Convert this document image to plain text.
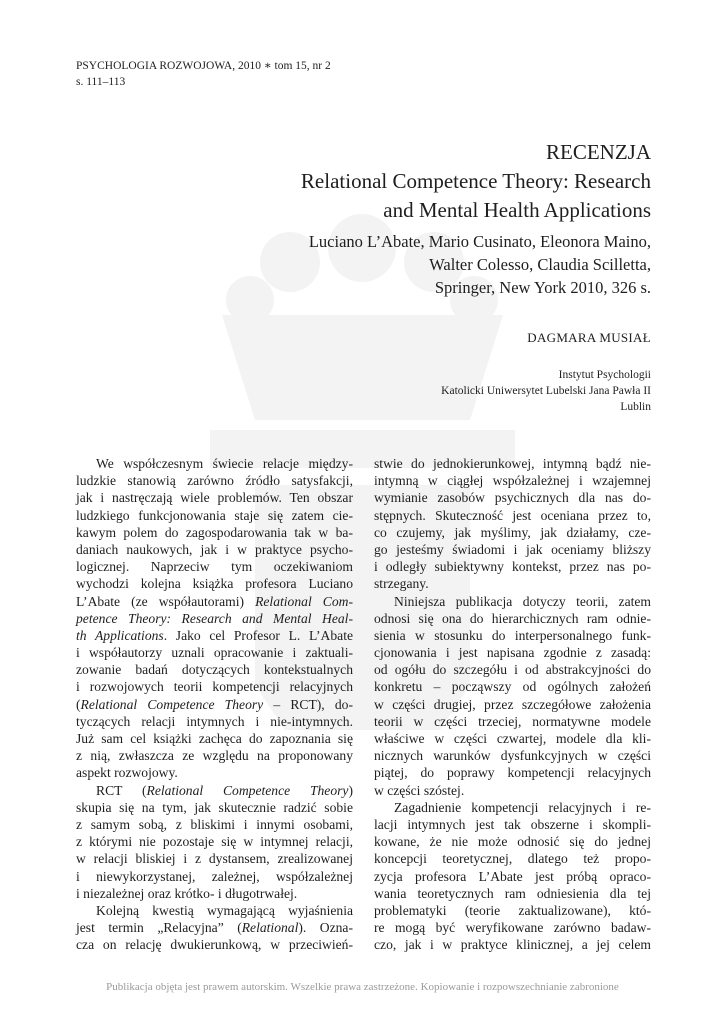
PSYCHOLOGIA ROZWOJOWA, 2010 ∗ tom 15, nr 2
s. 111–113
RECENZJA
Relational Competence Theory: Research
and Mental Health Applications
Luciano L’Abate, Mario Cusinato, Eleonora Maino,
Walter Colesso, Claudia Scilletta,
Springer, New York 2010, 326 s.
DAGMARA MUSIAŁ
Instytut Psychologii
Katolicki Uniwersytet Lubelski Jana Pawła II
Lublin
We współczesnym świecie relacje między-
ludzkie stanowią zarówno źródło satysfakcji,
jak i nastręczają wiele problemów. Ten obszar
ludzkiego funkcjonowania staje się zatem cie-
kawym polem do zagospodarowania tak w ba-
daniach naukowych, jak i w praktyce psycho-
logicznej. Naprzeciw tym oczekiwaniom
wychodzi kolejna książka profesora Luciano
L’Abate (ze współautorami) Relational Com-
petence Theory: Research and Mental Heal-
th Applications. Jako cel Profesor L. L’Abate
i współautorzy uznali opracowanie i zaktuali-
zowanie badań dotyczących kontekstualnych
i rozwojowych teorii kompetencji relacyjnych
(Relational Competence Theory – RCT), do-
tyczących relacji intymnych i nie-intymnych.
Już sam cel książki zachęca do zapoznania się
z nią, zwłaszcza ze względu na proponowany
aspekt rozwojowy.
RCT (Relational Competence Theory)
skupia się na tym, jak skutecznie radzić sobie
z samym sobą, z bliskimi i innymi osobami,
z którymi nie pozostaje się w intymnej relacji,
w relacji bliskiej i z dystansem, zrealizowanej
i niewykorzystanej, zależnej, współzależnej
i niezależnej oraz krótko- i długotrwałej.
Kolejną kwestią wymagającą wyjaśnienia
jest termin „Relacyjna” (Relational). Ozna-
cza on relację dwukierunkową, w przeciwień-
stwie do jednokierunkowej, intymną bądź nie-
intymną w ciągłej współzależnej i wzajemnej
wymianie zasobów psychicznych dla nas do-
stępnych. Skuteczność jest oceniana przez to,
co czujemy, jak myślimy, jak działamy, cze-
go jesteśmy świadomi i jak oceniamy bliższy
i odległy subiektywny kontekst, przez nas po-
strzegany.
Niniejsza publikacja dotyczy teorii, zatem
odnosi się ona do hierarchicznych ram odnie-
sienia w stosunku do interpersonalnego funk-
cjonowania i jest napisana zgodnie z zasadą:
od ogółu do szczegółu i od abstrakcyjności do
konkretu – począwszy od ogólnych założeń
w części drugiej, przez szczegółowe założenia
teorii w części trzeciej, normatywne modele
właściwe w części czwartej, modele dla kli-
nicznych warunków dysfunkcyjnych w części
piątej, do poprawy kompetencji relacyjnych
w części szóstej.
Zagadnienie kompetencji relacyjnych i re-
lacji intymnych jest tak obszerne i skompli-
kowane, że nie może odnosić się do jednej
koncepcji teoretycznej, dlatego też propo-
zycja profesora L’Abate jest próbą opraco-
wania teoretycznych ram odniesienia dla tej
problematyki (teorie zaktualizowane), któ-
re mogą być weryfikowane zarówno badaw-
czo, jak i w praktyce klinicznej, a jej celem
Publikacja objęta jest prawem autorskim. Wszelkie prawa zastrzeżone. Kopiowanie i rozpowszechnianie zabronione
